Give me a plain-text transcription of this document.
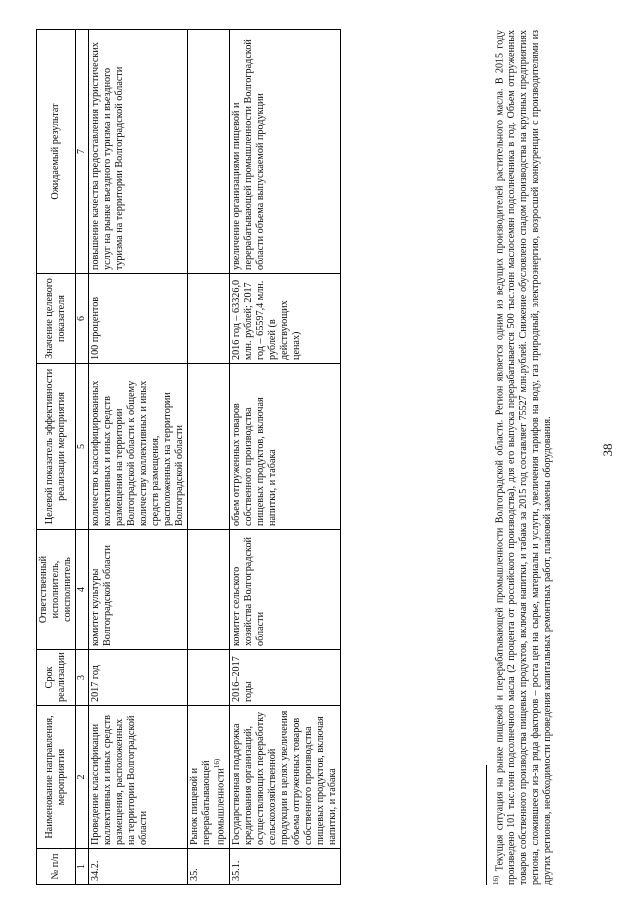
38
№ п/п	Наименование направления, мероприятия	Срок реализации	Ответственный исполнитель, соисполнитель	Целевой показатель эффективности реализации мероприятия	Значение целевого показателя	Ожидаемый результат
1	2	3	4	5	6	7
34.2.	Проведение классификации коллективных и иных средств размещения, расположенных на территории Волгоградской области	2017 год	комитет культуры Волгоградской области	количество классифицированных коллективных и иных средств размещения на территории Волгоградской области к общему количеству коллективных и иных средств размещения, расположенных на территории Волгоградской области	100 процентов	повышение качества предоставления туристических услуг на рынке въездного туризма и въездного туризма на территории Волгоградской области
35.	Рынок пищевой и перерабатывающей промышленности$^{16)}$					
35.1.	Государственная поддержка кредитования организаций, осуществляющих переработку сельскохозяйственной продукции в целях увеличения объема отгруженных товаров собственного производства пищевых продуктов, включая напитки, и табака	2016–2017 годы	комитет сельского хозяйства Волгоградской области	объем отгруженных товаров собственного производства пищевых продуктов, включая напитки, и табака	2016 год – 63326,0 млн. рублей; 2017 год – 65597,4 млн. рублей (в действующих ценах)	увеличение организациями пищевой и перерабатывающей промышленности Волгоградской области объема выпускаемой продукции
$^{16)}$ Текущая ситуация на рынке пищевой и перерабатывающей промышленности Волгоградской области. Регион является одним из ведущих производителей растительного масла. В 2015 году произведено 101 тыс.тонн подсолнечного масла (2 процента от российского производства), для его выпуска перерабатывается 500 тыс.тонн маслосемян подсолнечника в год. Объем отгруженных товаров собственного производства пищевых продуктов, включая напитки, и табака за 2015 год составляет 75527 млн.рублей. Снижение обусловлено спадом производства на крупных предприятиях региона, сложившееся из-за ряда факторов – роста цен на сырье, материалы и услуги, увеличения тарифов на воду, газ природный, электроэнергию, возросшей конкуренции с производителями из других регионов, необходимости проведения капитальных ремонтных работ, плановой замены оборудования.
